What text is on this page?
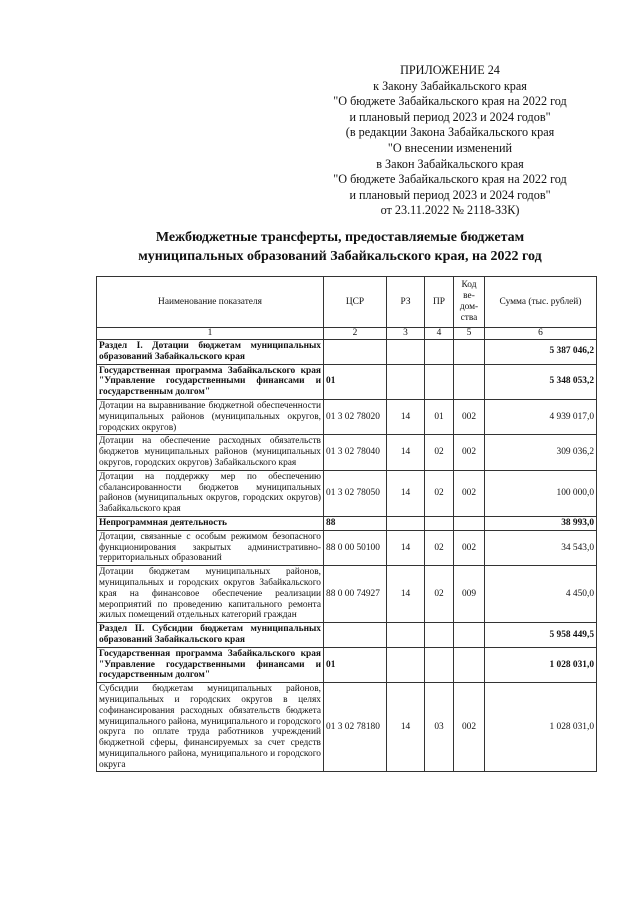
ПРИЛОЖЕНИЕ 24
к Закону Забайкальского края
"О бюджете Забайкальского края на 2022 год
и плановый период 2023 и 2024 годов"
(в редакции Закона Забайкальского края
"О внесении изменений
в Закон Забайкальского края
"О бюджете Забайкальского края на 2022 год
и плановый период 2023 и 2024 годов"
от 23.11.2022 № 2118-ЗЗК)
Межбюджетные трансферты, предоставляемые бюджетам
муниципальных образований Забайкальского края, на 2022 год
Наименование показателя	ЦСР	РЗ	ПР	Код ве-дом-ства	Сумма (тыс. рублей)
1	2	3	4	5	6
Раздел I. Дотации бюджетам муниципальных образований Забайкальского края					5 387 046,2
Государственная программа Забайкальского края "Управление государственными финансами и государственным долгом"	01				5 348 053,2
Дотации на выравнивание бюджетной обеспеченности муниципальных районов (муниципальных округов, городских округов)	01 3 02 78020	14	01	002	4 939 017,0
Дотации на обеспечение расходных обязательств бюджетов муниципальных районов (муниципальных округов, городских округов) Забайкальского края	01 3 02 78040	14	02	002	309 036,2
Дотации на поддержку мер по обеспечению сбалансированности бюджетов муниципальных районов (муниципальных округов, городских округов) Забайкальского края	01 3 02 78050	14	02	002	100 000,0
Непрограммная деятельность	88				38 993,0
Дотации, связанные с особым режимом безопасного функционирования закрытых административно-территориальных образований	88 0 00 50100	14	02	002	34 543,0
Дотации бюджетам муниципальных районов, муниципальных и городских округов Забайкальского края на финансовое обеспечение реализации мероприятий по проведению капитального ремонта жилых помещений отдельных категорий граждан	88 0 00 74927	14	02	009	4 450,0
Раздел II. Субсидии бюджетам муниципальных образований Забайкальского края					5 958 449,5
Государственная программа Забайкальского края "Управление государственными финансами и государственным долгом"	01				1 028 031,0
Субсидии бюджетам муниципальных районов, муниципальных и городских округов в целях софинансирования расходных обязательств бюджета муниципального района, муниципального и городского округа по оплате труда работников учреждений бюджетной сферы, финансируемых за счет средств муниципального района, муниципального и городского округа	01 3 02 78180	14	03	002	1 028 031,0
